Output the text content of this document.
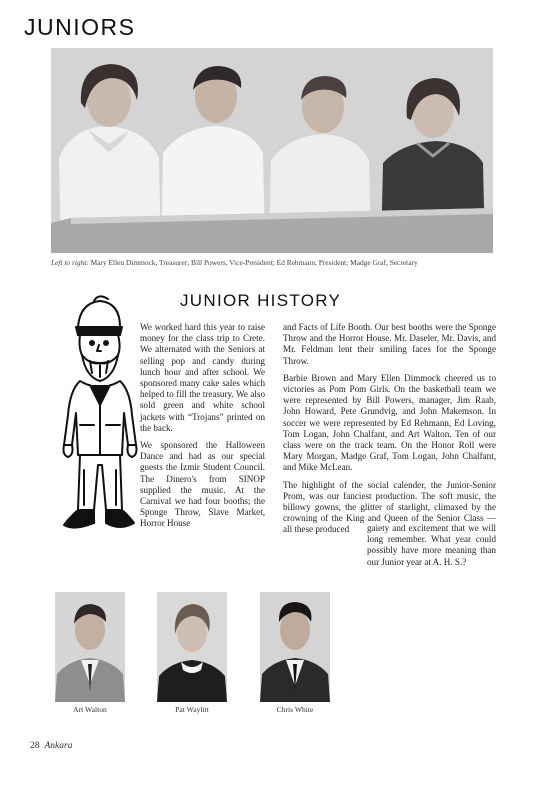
JUNIORS
Left to right: Mary Ellen Dimmock, Treasurer; Bill Powers, Vice-President; Ed Rehmann, President; Madge Graf, Secretary
JUNIOR HISTORY

We worked hard this year to raise money for the class trip to Crete. We alternated with the Seniors at selling pop and candy during lunch hour and after school. We sponsored many cake sales which helped to fill the treasury. We also sold green and white school jackets with “Trojans” printed on the back.

We sponsored the Halloween Dance and had as our special guests the Izmir Student Council. The Dinero's from SINOP supplied the music. At the Carnival we had four booths; the Sponge Throw, Slave Market, Horror House

and Facts of Life Booth. Our best booths were the Sponge Throw and the Horror House. Mr. Daseler, Mr. Davis, and Mr. Feldman lent their smiling faces for the Sponge Throw.

Barbie Brown and Mary Ellen Dimmock cheered us to victories as Pom Pom Girls. On the basketball team we were represented by Bill Powers, manager, Jim Raab, John Howard, Pete Grundvig, and John Makemson. In soccer we were represented by Ed Rehmann, Ed Loving, Tom Logan, John Chalfant, and Art Walton. Ten of our class were on the track team. On the Honor Roll were Mary Morgan, Madge Graf, Tom Logan, John Chalfant, and Mike McLean.

The highlight of the social calender, the Junior-Senior Prom, was our fanciest production. The soft music, the billowy gowns, the glitter of starlight, climaxed by the crowning of the King and Queen of the Senior Class — all these produced	gaiety and excitement that we will long remember. What year could possibly have more meaning than our Junior year at A. H. S.?
Art Walton	Pat Waylitt	Chris White
28 Ankara
